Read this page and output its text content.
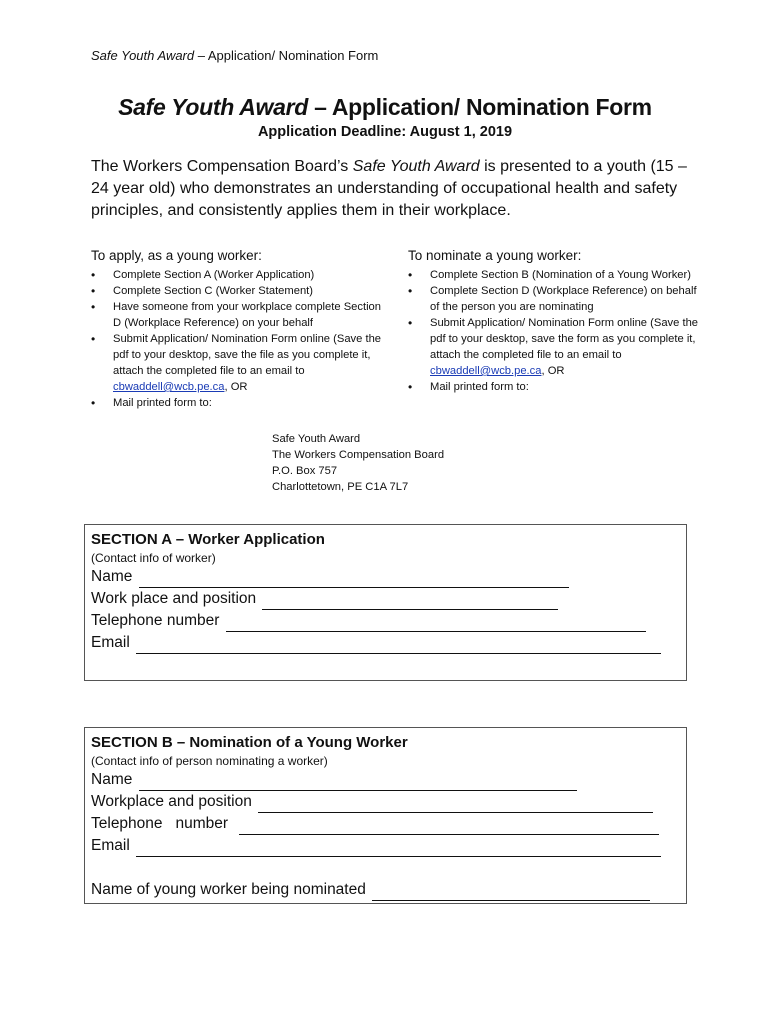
Safe Youth Award – Application/ Nomination Form
Safe Youth Award – Application/ Nomination Form
Application Deadline: August 1, 2019
The Workers Compensation Board’s Safe Youth Award is presented to a youth (15 – 24 year old) who demonstrates an understanding of occupational health and safety principles, and consistently applies them in their workplace.
To apply, as a young worker:
• Complete Section A (Worker Application)
• Complete Section C (Worker Statement)
• Have someone from your workplace complete Section D (Workplace Reference) on your behalf
• Submit Application/ Nomination Form online (Save the pdf to your desktop, save the file as you complete it, attach the completed file to an email to cbwaddell@wcb.pe.ca, OR
• Mail printed form to:
To nominate a young worker:
• Complete Section B (Nomination of a Young Worker)
• Complete Section D (Workplace Reference) on behalf of the person you are nominating
• Submit Application/ Nomination Form online (Save the pdf to your desktop, save the form as you complete it, attach the completed file to an email to cbwaddell@wcb.pe.ca, OR
• Mail printed form to:
Safe Youth Award
The Workers Compensation Board
P.O. Box 757
Charlottetown, PE C1A 7L7
SECTION A – Worker Application
(Contact info of worker)
Name
Work place and position
Telephone number
Email
SECTION B – Nomination of a Young Worker
(Contact info of person nominating a worker)
Name
Workplace and position
Telephone   number
Email
Name of young worker being nominated
